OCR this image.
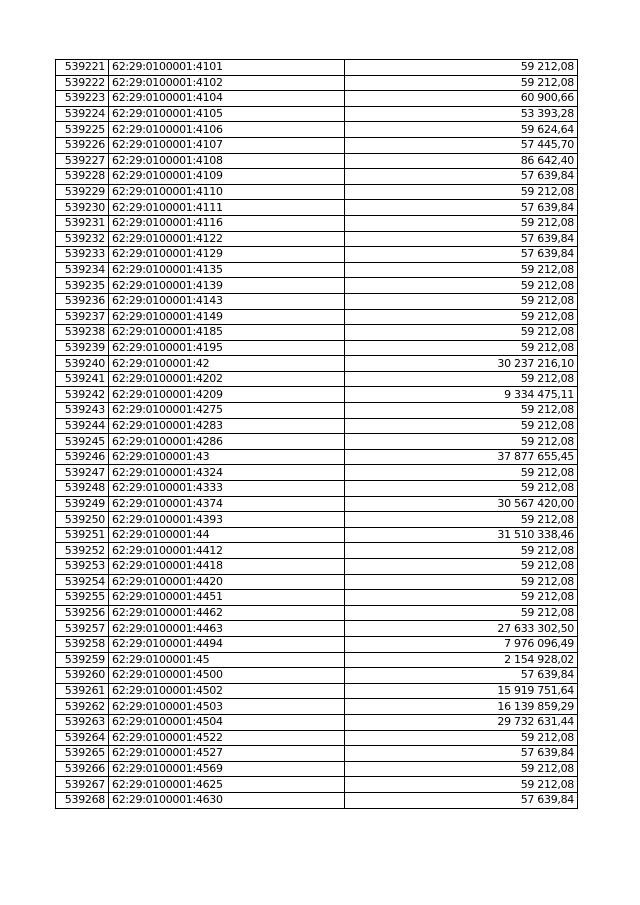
539221	62:29:0100001:4101	59 212,08
539222	62:29:0100001:4102	59 212,08
539223	62:29:0100001:4104	60 900,66
539224	62:29:0100001:4105	53 393,28
539225	62:29:0100001:4106	59 624,64
539226	62:29:0100001:4107	57 445,70
539227	62:29:0100001:4108	86 642,40
539228	62:29:0100001:4109	57 639,84
539229	62:29:0100001:4110	59 212,08
539230	62:29:0100001:4111	57 639,84
539231	62:29:0100001:4116	59 212,08
539232	62:29:0100001:4122	57 639,84
539233	62:29:0100001:4129	57 639,84
539234	62:29:0100001:4135	59 212,08
539235	62:29:0100001:4139	59 212,08
539236	62:29:0100001:4143	59 212,08
539237	62:29:0100001:4149	59 212,08
539238	62:29:0100001:4185	59 212,08
539239	62:29:0100001:4195	59 212,08
539240	62:29:0100001:42	30 237 216,10
539241	62:29:0100001:4202	59 212,08
539242	62:29:0100001:4209	9 334 475,11
539243	62:29:0100001:4275	59 212,08
539244	62:29:0100001:4283	59 212,08
539245	62:29:0100001:4286	59 212,08
539246	62:29:0100001:43	37 877 655,45
539247	62:29:0100001:4324	59 212,08
539248	62:29:0100001:4333	59 212,08
539249	62:29:0100001:4374	30 567 420,00
539250	62:29:0100001:4393	59 212,08
539251	62:29:0100001:44	31 510 338,46
539252	62:29:0100001:4412	59 212,08
539253	62:29:0100001:4418	59 212,08
539254	62:29:0100001:4420	59 212,08
539255	62:29:0100001:4451	59 212,08
539256	62:29:0100001:4462	59 212,08
539257	62:29:0100001:4463	27 633 302,50
539258	62:29:0100001:4494	7 976 096,49
539259	62:29:0100001:45	2 154 928,02
539260	62:29:0100001:4500	57 639,84
539261	62:29:0100001:4502	15 919 751,64
539262	62:29:0100001:4503	16 139 859,29
539263	62:29:0100001:4504	29 732 631,44
539264	62:29:0100001:4522	59 212,08
539265	62:29:0100001:4527	57 639,84
539266	62:29:0100001:4569	59 212,08
539267	62:29:0100001:4625	59 212,08
539268	62:29:0100001:4630	57 639,84
